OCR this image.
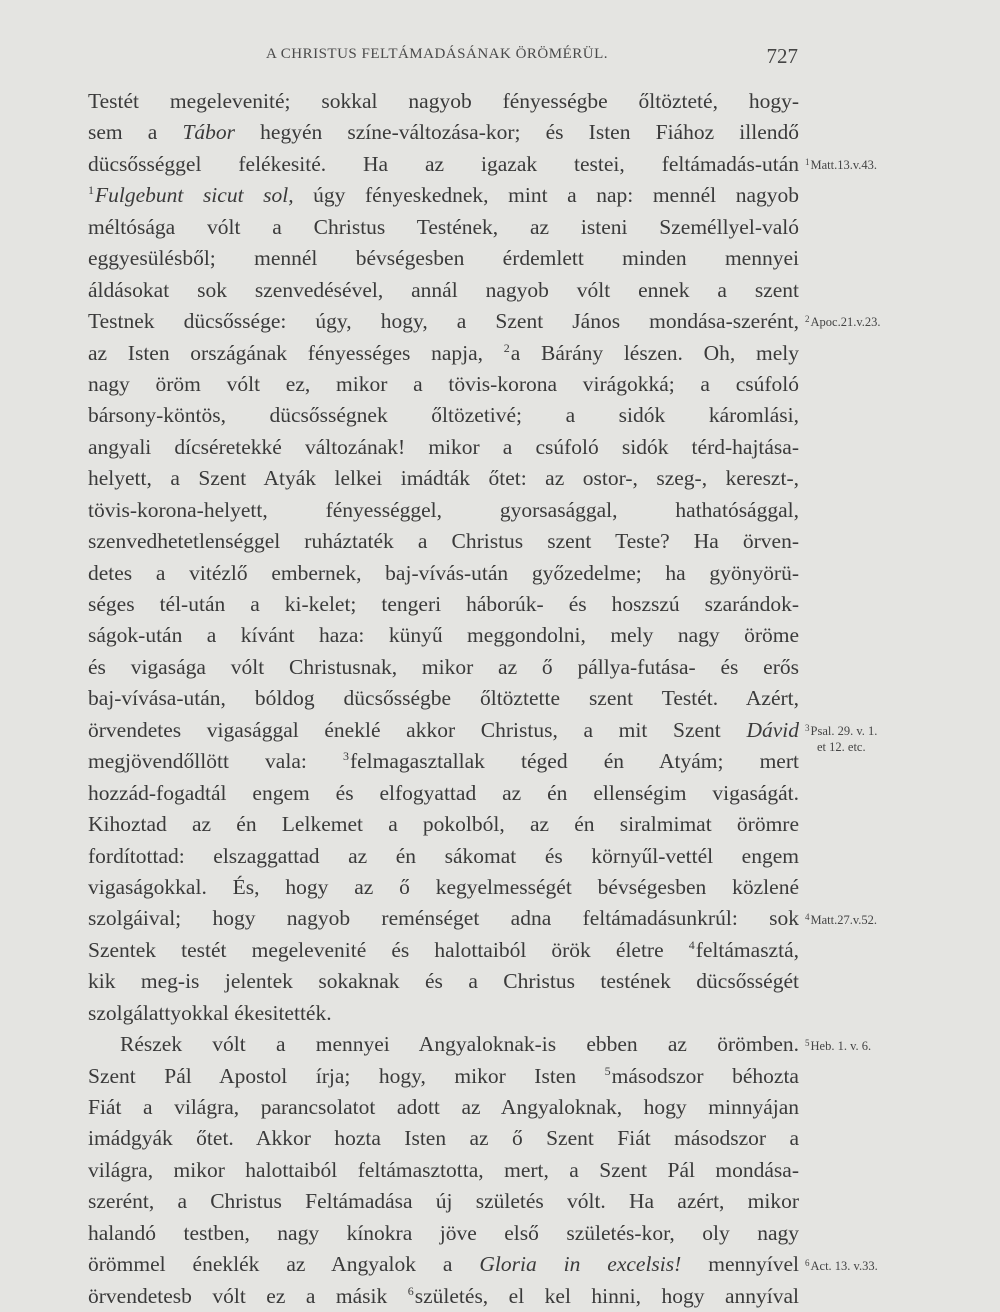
A CHRISTUS FELTÁMADÁSÁNAK ÖRÖMÉRÜL.	727
Testét megelevenité; sokkal nagyob fényességbe őltözteté, hogy-
sem a Tábor hegyén színe-változása-kor; és Isten Fiához illendő
dücsősséggel felékesité. Ha az igazak testei, feltámadás-után
$^1$Fulgebunt sicut sol, úgy fényeskednek, mint a nap: mennél nagyob
méltósága vólt a Christus Testének, az isteni Személlyel-való
eggyesülésből; mennél bévségesben érdemlett minden mennyei
áldásokat sok szenvedésével, annál nagyob vólt ennek a szent
Testnek dücsőssége: úgy, hogy, a Szent János mondása-szerént,
az Isten országának fényességes napja, $^2$a Bárány lészen. Oh, mely
nagy öröm vólt ez, mikor a tövis-korona virágokká; a csúfoló
bársony-köntös, dücsősségnek őltözetivé; a sidók káromlási,
angyali dícséretekké változának! mikor a csúfoló sidók térd-hajtása-
helyett, a Szent Atyák lelkei imádták őtet: az ostor-, szeg-, kereszt-,
tövis-korona-helyett, fényességgel, gyorsasággal, hathatósággal,
szenvedhetetlenséggel ruháztaték a Christus szent Teste? Ha örven-
detes a vitézlő embernek, baj-vívás-után győzedelme; ha gyönyörü-
séges tél-után a ki-kelet; tengeri háborúk- és hoszszú szarándok-
ságok-után a kívánt haza: künyű meggondolni, mely nagy öröme
és vigasága vólt Christusnak, mikor az ő pállya-futása- és erős
baj-vívása-után, bóldog dücsősségbe őltöztette szent Testét. Azért,
örvendetes vigasággal éneklé akkor Christus, a mit Szent Dávid
megjövendőllött vala: $^3$felmagasztallak téged én Atyám; mert
hozzád-fogadtál engem és elfogyattad az én ellenségim vigaságát.
Kihoztad az én Lelkemet a pokolból, az én siralmimat örömre
fordítottad: elszaggattad az én sákomat és környűl-vettél engem
vigaságokkal. És, hogy az ő kegyelmességét bévségesben közlené
szolgáival; hogy nagyob reménséget adna feltámadásunkrúl: sok
Szentek testét megelevenité és halottaiból örök életre $^4$feltámasztá,
kik meg-is jelentek sokaknak és a Christus testének dücsősségét
szolgálattyokkal ékesitették.
Részek vólt a mennyei Angyaloknak-is ebben az örömben.
Szent Pál Apostol írja; hogy, mikor Isten $^5$másodszor béhozta
Fiát a világra, parancsolatot adott az Angyaloknak, hogy minnyájan
imádgyák őtet. Akkor hozta Isten az ő Szent Fiát másodszor a
világra, mikor halottaiból feltámasztotta, mert, a Szent Pál mondása-
szerént, a Christus Feltámadása új születés vólt. Ha azért, mikor
halandó testben, nagy kínokra jöve első születés-kor, oly nagy
örömmel éneklék az Angyalok a Gloria in excelsis! mennyível
örvendetesb vólt ez a másik $^6$születés, el kel hinni, hogy annyíval
$^1$Matt.13.v.43.
$^2$Apoc.21.v.23.
$^3$Psal. 29. v. 1.
et 12. etc.
$^4$Matt.27.v.52.
$^5$Heb. 1. v. 6.
$^6$Act. 13. v.33.
